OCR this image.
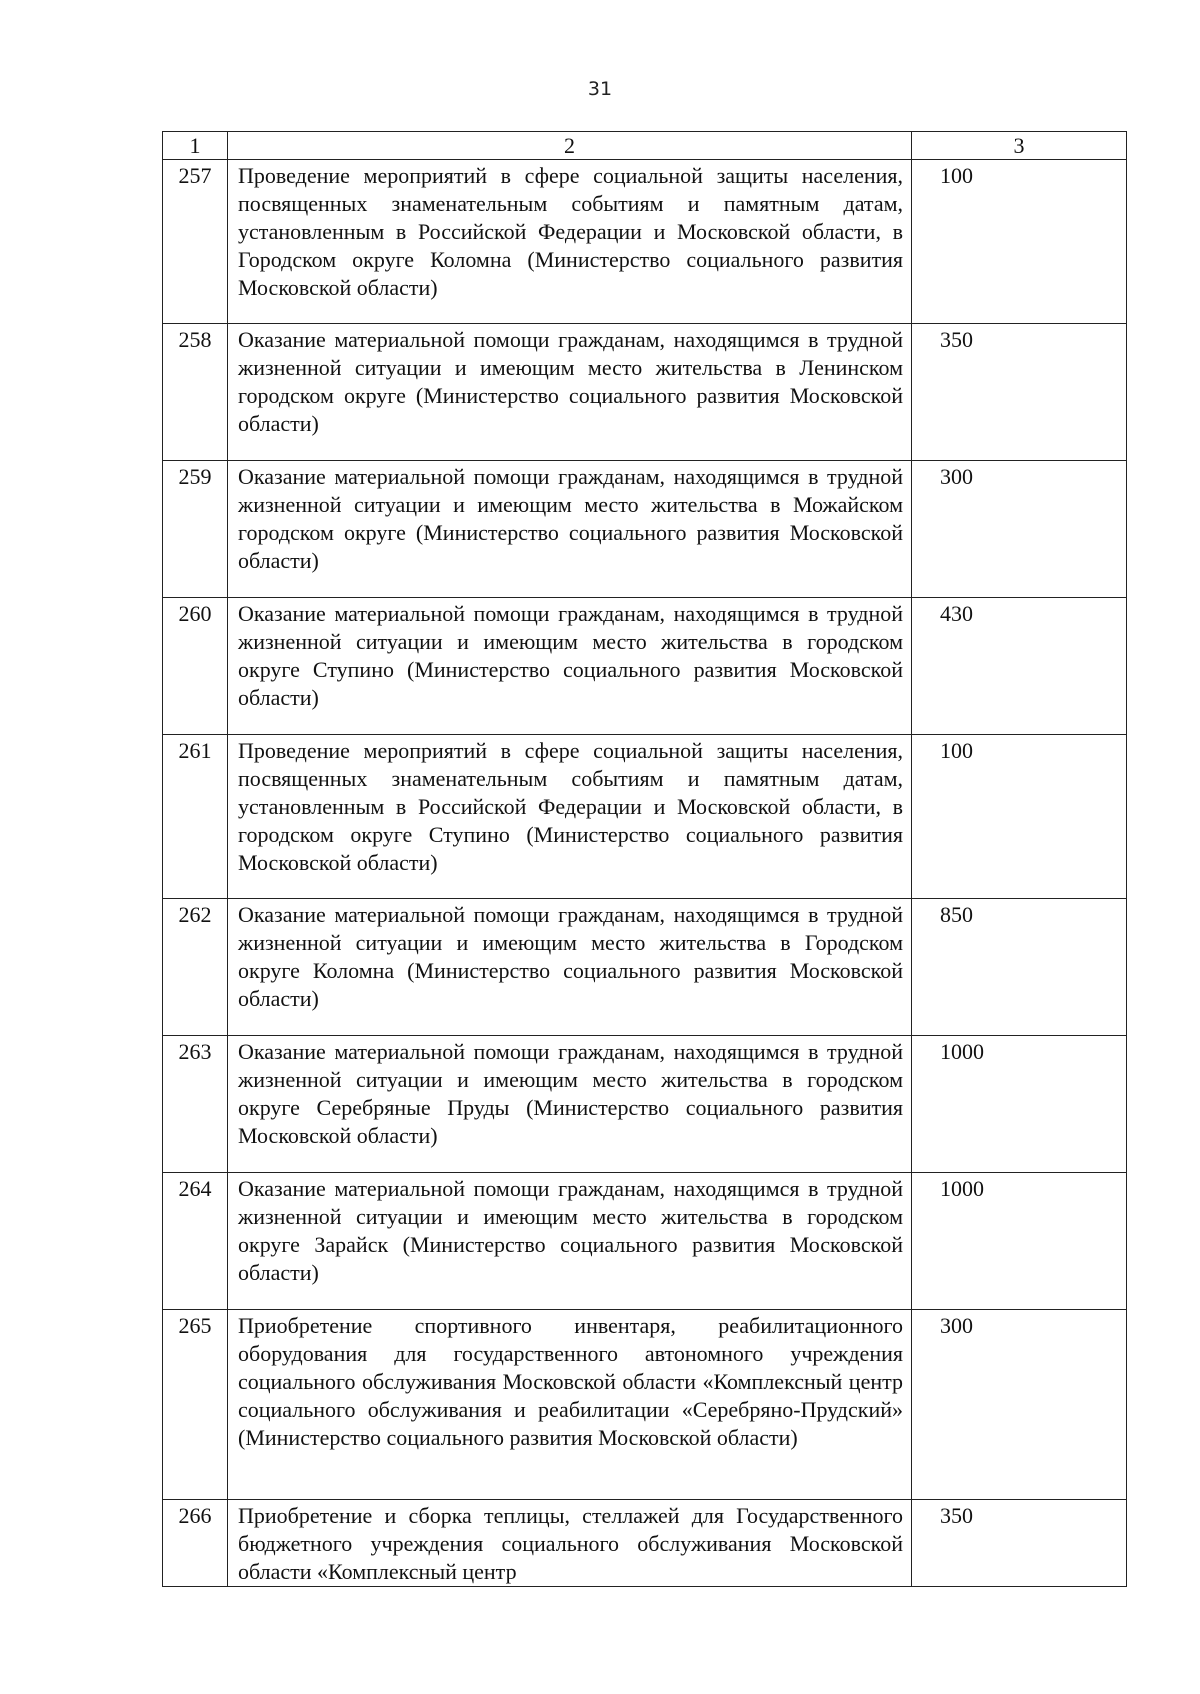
31
1	2	3
257	Проведение мероприятий в сфере социальной защиты населения, посвященных знаменательным событиям и памятным датам, установленным в Российской Федерации и Московской области, в Городском округе Коломна (Министерство социального развития Московской области)	100
258	Оказание материальной помощи гражданам, находящимся в трудной жизненной ситуации и имеющим место жительства в Ленинском городском округе (Министерство социального развития Московской области)	350
259	Оказание материальной помощи гражданам, находящимся в трудной жизненной ситуации и имеющим место жительства в Можайском городском округе (Министерство социального развития Московской области)	300
260	Оказание материальной помощи гражданам, находящимся в трудной жизненной ситуации и имеющим место жительства в городском округе Ступино (Министерство социального развития Московской области)	430
261	Проведение мероприятий в сфере социальной защиты населения, посвященных знаменательным событиям и памятным датам, установленным в Российской Федерации и Московской области, в городском округе Ступино (Министерство социального развития Московской области)	100
262	Оказание материальной помощи гражданам, находящимся в трудной жизненной ситуации и имеющим место жительства в Городском округе Коломна (Министерство социального развития Московской области)	850
263	Оказание материальной помощи гражданам, находящимся в трудной жизненной ситуации и имеющим место жительства в городском округе Серебряные Пруды (Министерство социального развития Московской области)	1000
264	Оказание материальной помощи гражданам, находящимся в трудной жизненной ситуации и имеющим место жительства в городском округе Зарайск (Министерство социального развития Московской области)	1000
265	Приобретение спортивного инвентаря, реабилитационного оборудования для государственного автономного учреждения социального обслуживания Московской области «Комплексный центр социального обслуживания и реабилитации «Серебряно-Прудский» (Министерство социального развития Московской области)	300
266	Приобретение и сборка теплицы, стеллажей для Государственного бюджетного учреждения социального обслуживания Московской области «Комплексный центр	350
